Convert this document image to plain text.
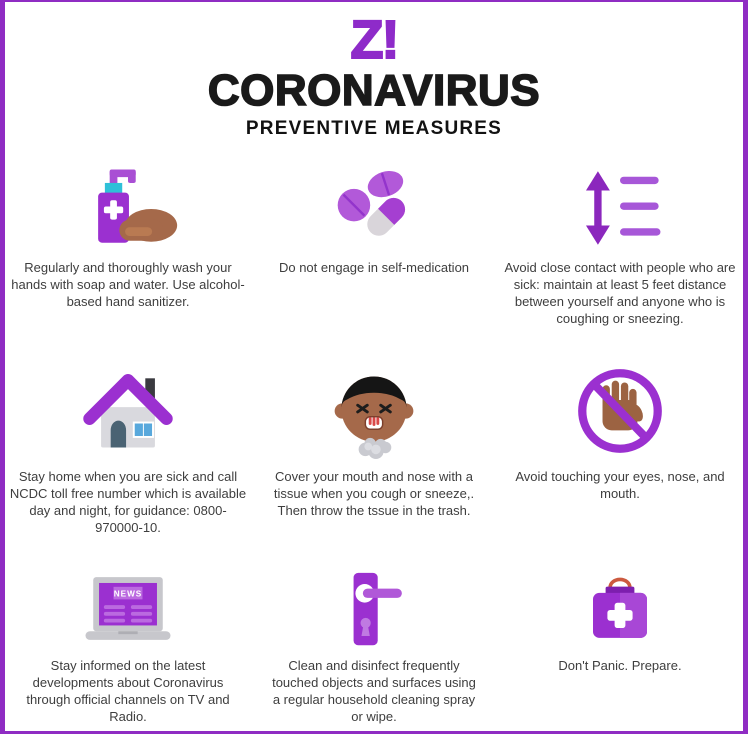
Z!
CORONAVIRUS
PREVENTIVE MEASURES

Regularly and thoroughly wash your hands with soap and water. Use alcohol-based hand sanitizer.

Do not engage in self-medication	Avoid close contact with people who are sick: maintain at least 5 feet distance between yourself and anyone who is coughing or sneezing.

Stay home when you are sick and call NCDC toll free number which is available day and night, for guidance: 0800-970000-10.

Cover your mouth and nose with a tissue when you cough or sneeze,. Then throw the tssue in the trash.

Avoid touching your eyes, nose, and mouth.

NEWS

Stay informed on the latest developments about Coronavirus through official channels on TV and Radio.

Clean and disinfect frequently touched objects and surfaces using a regular household cleaning spray or wipe.

Don't Panic. Prepare.
